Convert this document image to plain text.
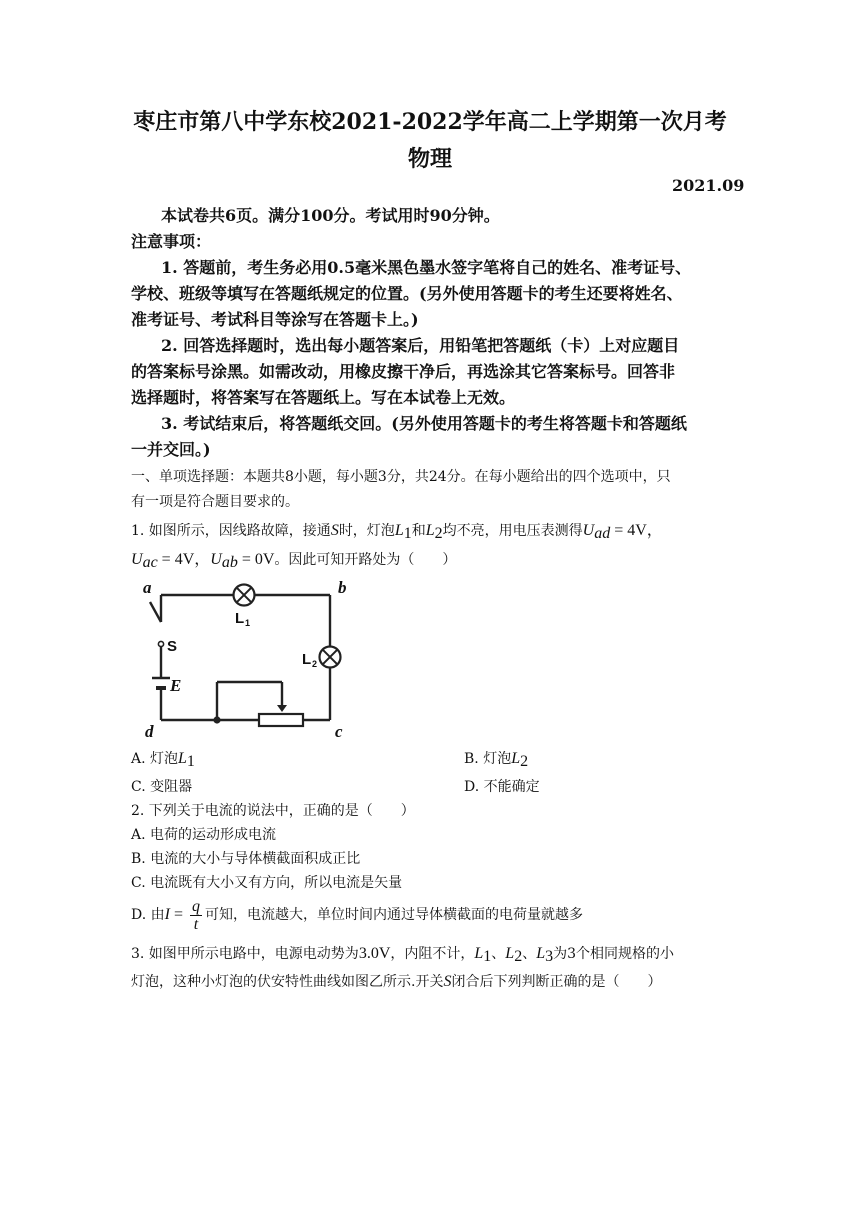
枣庄市第八中学东校2021-2022学年高二上学期第一次月考
物理
2021.09
本试卷共6页。满分100分。考试用时90分钟。
注意事项：
1. 答题前，考生务必用0.5毫米黑色墨水签字笔将自己的姓名、准考证号、
学校、班级等填写在答题纸规定的位置。(另外使用答题卡的考生还要将姓名、
准考证号、考试科目等涂写在答题卡上。)
2. 回答选择题时，选出每小题答案后，用铅笔把答题纸（卡）上对应题目
的答案标号涂黑。如需改动，用橡皮擦干净后，再选涂其它答案标号。回答非
选择题时，将答案写在答题纸上。写在本试卷上无效。
3. 考试结束后，将答题纸交回。(另外使用答题卡的考生将答题卡和答题纸
一并交回。)
一、单项选择题：本题共8小题，每小题3分，共24分。在每小题给出的四个选项中，只
有一项是符合题目要求的。
1. 如图所示，因线路故障，接通S时，灯泡$L_1$和$L_2$均不亮，用电压表测得$U_{ad} = 4V$，
$U_{ac} = 4V$，$U_{ab} = 0V$。因此可知开路处为（　　）
a	b
c
d
E
S
L 1
L 2
A. 灯泡$L_1$	B. 灯泡$L_2$
C. 变阻器	D. 不能确定
2. 下列关于电流的说法中，正确的是（　　）
A. 电荷的运动形成电流
B. 电流的大小与导体横截面积成正比
C. 电流既有大小又有方向，所以电流是矢量
D. 由$I = \frac{q}{t}$ 可知，电流越大，单位时间内通过导体横截面的电荷量就越多
3. 如图甲所示电路中，电源电动势为3.0V，内阻不计，$L_1$、$L_2$、$L_3$为3个相同规格的小
灯泡，这种小灯泡的伏安特性曲线如图乙所示.开关S闭合后下列判断正确的是（　　）
